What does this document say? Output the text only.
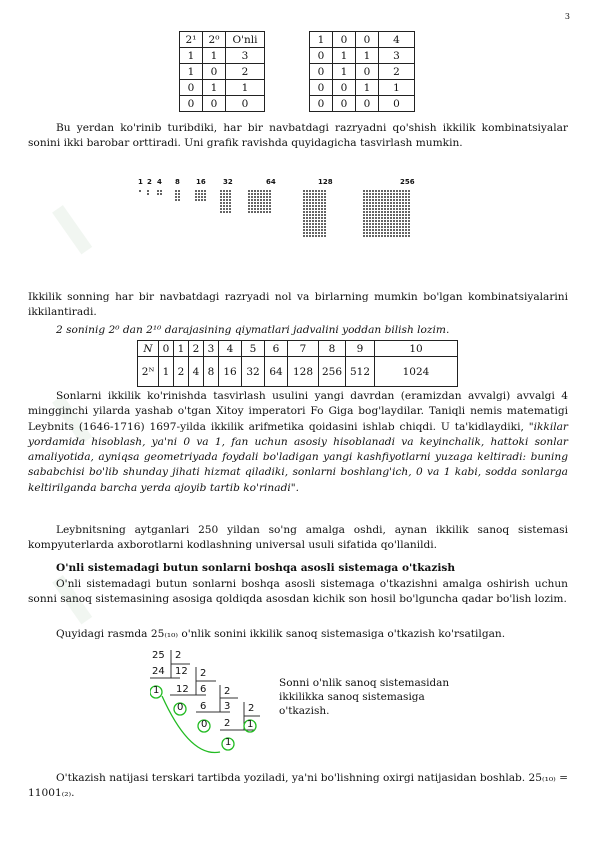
I
I
I
3
2¹	2⁰	O'nli
1	1	3
1	0	2
0	1	1
0	0	0
1	0	0	4
0	1	1	3
0	1	0	2
0	0	1	1
0	0	0	0
Bu yerdan ko'rinib turibdiki, har bir navbatdagi razryadni qo'shish ikkilik kombinatsiyalar sonini ikki barobar orttiradi. Uni grafik ravishda quyidagicha tasvirlash mumkin.
1 2 4 8 16 32	64	128	256
Ikkilik sonning har bir navbatdagi razryadi nol va birlarning mumkin bo'lgan kombinatsiyalarini ikkilantiradi.
2 soninig 2⁰ dan 2¹⁰ darajasining qiymatlari jadvalini yoddan bilish lozim.
N	0	1	2	3	4	5	6	7	8	9	10
2ᴺ	1	2	4	8	16	32	64	128	256	512	1024
Sonlarni ikkilik ko'rinishda tasvirlash usulini yangi davrdan (eramizdan avvalgi) avvalgi 4 mingginchi yilarda yashab o'tgan Xitoy imperatori Fo Giga bog'laydilar. Taniqli nemis matematigi Leybnits (1646-1716) 1697-yilda ikkilik arifmetika qoidasini ishlab chiqdi. U ta'kidlaydiki, "ikkilar yordamida hisoblash, ya'ni 0 va 1, fan uchun asosiy hisoblanadi va keyinchalik, hattoki sonlar amaliyotida, ayniqsa geometriyada foydali bo'ladigan yangi kashfiyotlarni yuzaga keltiradi: buning sababchisi bo'lib shunday jihati hizmat qiladiki, sonlarni boshlang'ich, 0 va 1 kabi, sodda sonlarga keltirilganda barcha yerda ajoyib tartib ko'rinadi".
Leybnitsning aytganlari 250 yildan so'ng amalga oshdi, aynan ikkilik sanoq sistemasi kompyuterlarda axborotlarni kodlashning universal usuli sifatida qo'llanildi.
O'nli sistemadagi butun sonlarni boshqa asosli sistemaga o'tkazish
O'nli sistemadagi butun sonlarni boshqa asosli sistemaga o'tkazishni amalga oshirish uchun sonni sanoq sistemasining asosiga qoldiqda asosdan kichik son hosil bo'lguncha qadar bo'lish lozim.
Quyidagi rasmda 25₍₁₀₎ o'nlik sonini ikkilik sanoq sistemasiga o'tkazish ko'rsatilgan.
25 2
24 12 2
1 12 6 2
0 6 3 2
0 2 1
1
Sonni o'nlik sanoq sistemasidan ikkilikka sanoq sistemasiga o'tkazish.
O'tkazish natijasi terskari tartibda yoziladi, ya'ni bo'lishning oxirgi natijasidan boshlab. 25₍₁₀₎ = 11001₍₂₎.
